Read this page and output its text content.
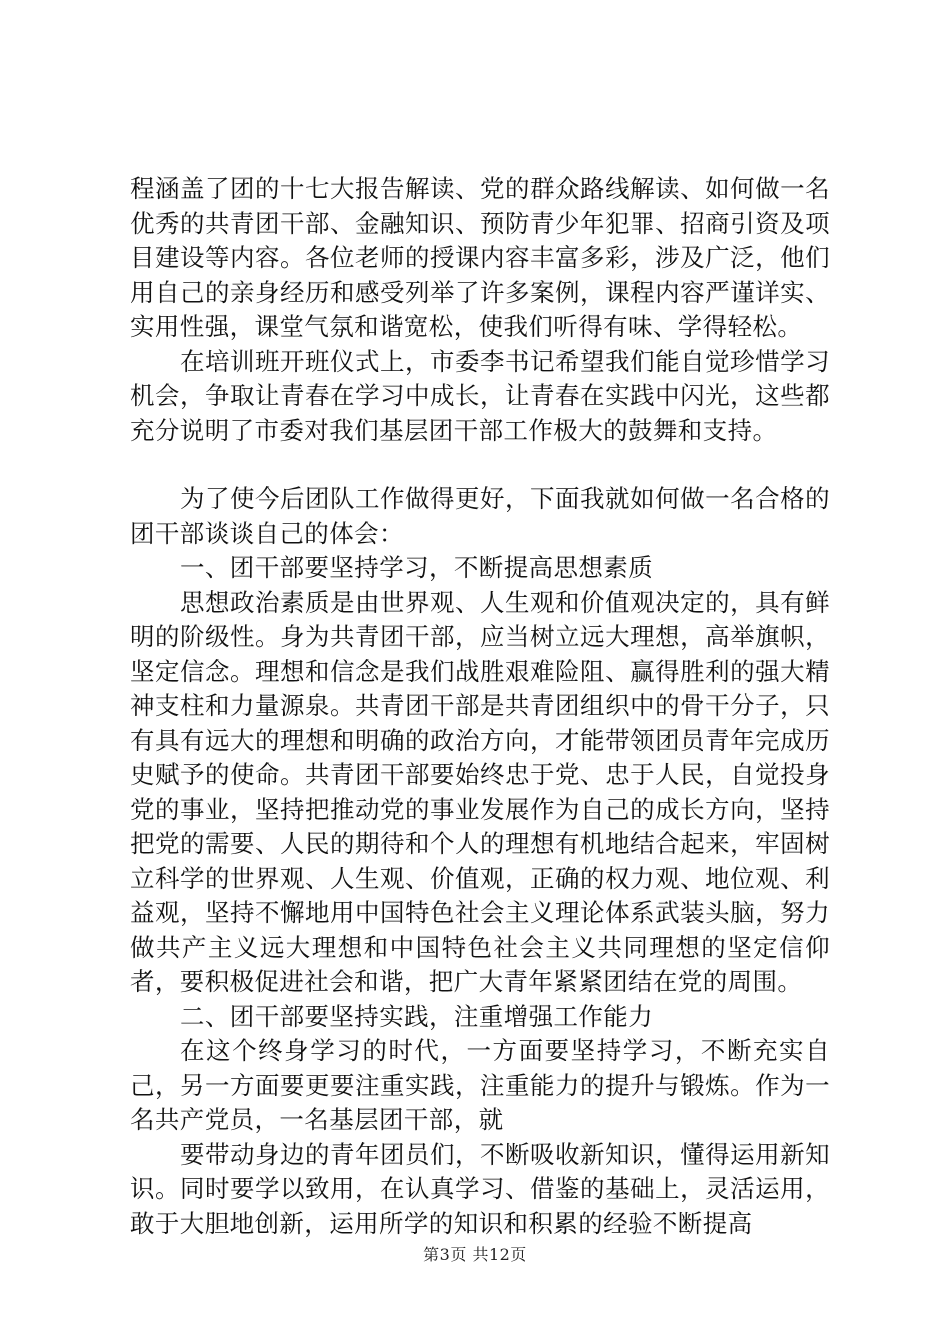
程涵盖了团的十七大报告解读、党的群众路线解读、如何做一名优秀的共青团干部、金融知识、预防青少年犯罪、招商引资及项目建设等内容。各位老师的授课内容丰富多彩，涉及广泛，他们用自己的亲身经历和感受列举了许多案例，课程内容严谨详实、实用性强，课堂气氛和谐宽松，使我们听得有味、学得轻松。

在培训班开班仪式上，市委李书记希望我们能自觉珍惜学习机会，争取让青春在学习中成长，让青春在实践中闪光，这些都充分说明了市委对我们基层团干部工作极大的鼓舞和支持。

为了使今后团队工作做得更好，下面我就如何做一名合格的团干部谈谈自己的体会：

一、团干部要坚持学习，不断提高思想素质

思想政治素质是由世界观、人生观和价值观决定的，具有鲜明的阶级性。身为共青团干部，应当树立远大理想，高举旗帜，坚定信念。理想和信念是我们战胜艰难险阻、赢得胜利的强大精神支柱和力量源泉。共青团干部是共青团组织中的骨干分子，只有具有远大的理想和明确的政治方向，才能带领团员青年完成历史赋予的使命。共青团干部要始终忠于党、忠于人民，自觉投身党的事业，坚持把推动党的事业发展作为自己的成长方向，坚持把党的需要、人民的期待和个人的理想有机地结合起来，牢固树立科学的世界观、人生观、价值观，正确的权力观、地位观、利益观，坚持不懈地用中国特色社会主义理论体系武装头脑，努力做共产主义远大理想和中国特色社会主义共同理想的坚定信仰者，要积极促进社会和谐，把广大青年紧紧团结在党的周围。

二、团干部要坚持实践，注重增强工作能力

在这个终身学习的时代，一方面要坚持学习，不断充实自己，另一方面要更要注重实践，注重能力的提升与锻炼。作为一名共产党员，一名基层团干部，就

要带动身边的青年团员们，不断吸收新知识，懂得运用新知识。同时要学以致用，在认真学习、借鉴的基础上，灵活运用，敢于大胆地创新，运用所学的知识和积累的经验不断提高

第3页 共12页
